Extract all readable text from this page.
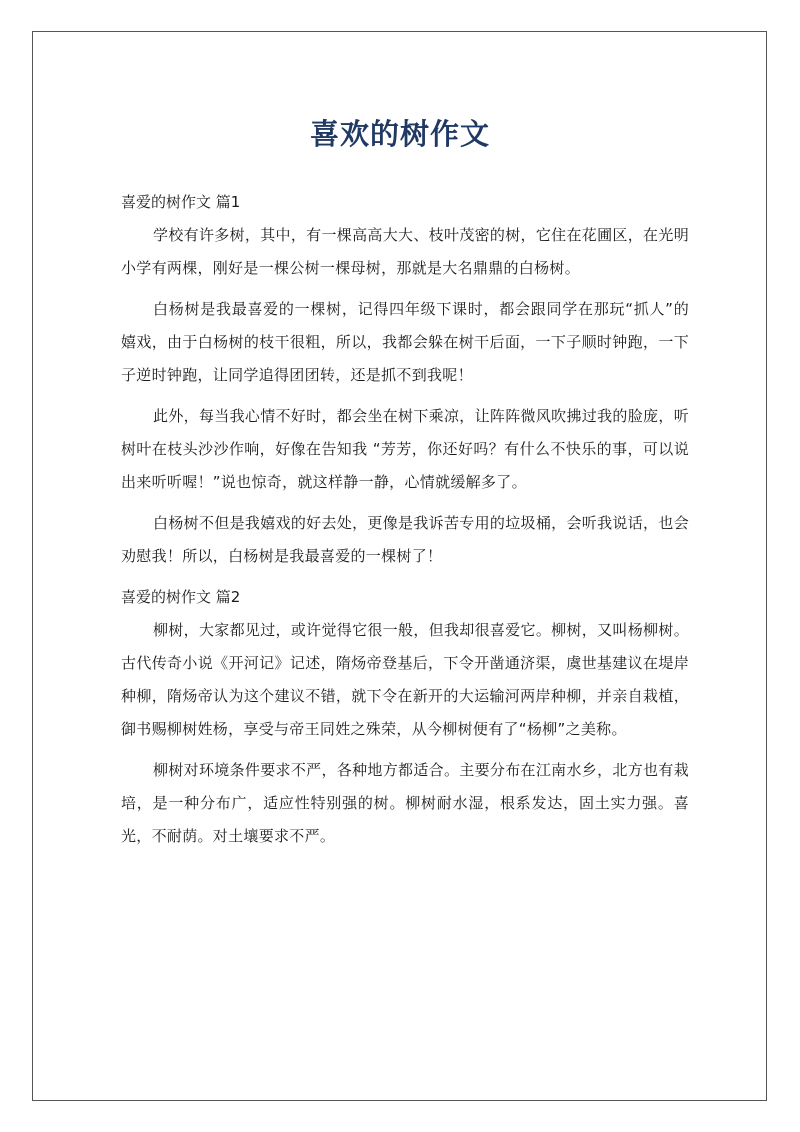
喜欢的树作文

喜爱的树作文 篇1

学校有许多树，其中，有一棵高高大大、枝叶茂密的树，它住在花圃区，在光明小学有两棵，刚好是一棵公树一棵母树，那就是大名鼎鼎的白杨树。

白杨树是我最喜爱的一棵树，记得四年级下课时，都会跟同学在那玩“抓人”的嬉戏，由于白杨树的枝干很粗，所以，我都会躲在树干后面，一下子顺时钟跑，一下子逆时钟跑，让同学追得团团转，还是抓不到我呢！

此外，每当我心情不好时，都会坐在树下乘凉，让阵阵微风吹拂过我的脸庞，听树叶在枝头沙沙作响，好像在告知我 “芳芳，你还好吗？有什么不快乐的事，可以说出来听听喔！”说也惊奇，就这样静一静，心情就缓解多了。

白杨树不但是我嬉戏的好去处，更像是我诉苦专用的垃圾桶，会听我说话，也会劝慰我！所以，白杨树是我最喜爱的一棵树了！

喜爱的树作文 篇2

柳树，大家都见过，或许觉得它很一般，但我却很喜爱它。柳树，又叫杨柳树。古代传奇小说《开河记》记述，隋炀帝登基后，下令开凿通济渠，虞世基建议在堤岸种柳，隋炀帝认为这个建议不错，就下令在新开的大运输河两岸种柳，并亲自栽植，御书赐柳树姓杨，享受与帝王同姓之殊荣，从今柳树便有了“杨柳”之美称。

柳树对环境条件要求不严，各种地方都适合。主要分布在江南水乡，北方也有栽培，是一种分布广，适应性特别强的树。柳树耐水湿，根系发达，固土实力强。喜光，不耐荫。对土壤要求不严。
